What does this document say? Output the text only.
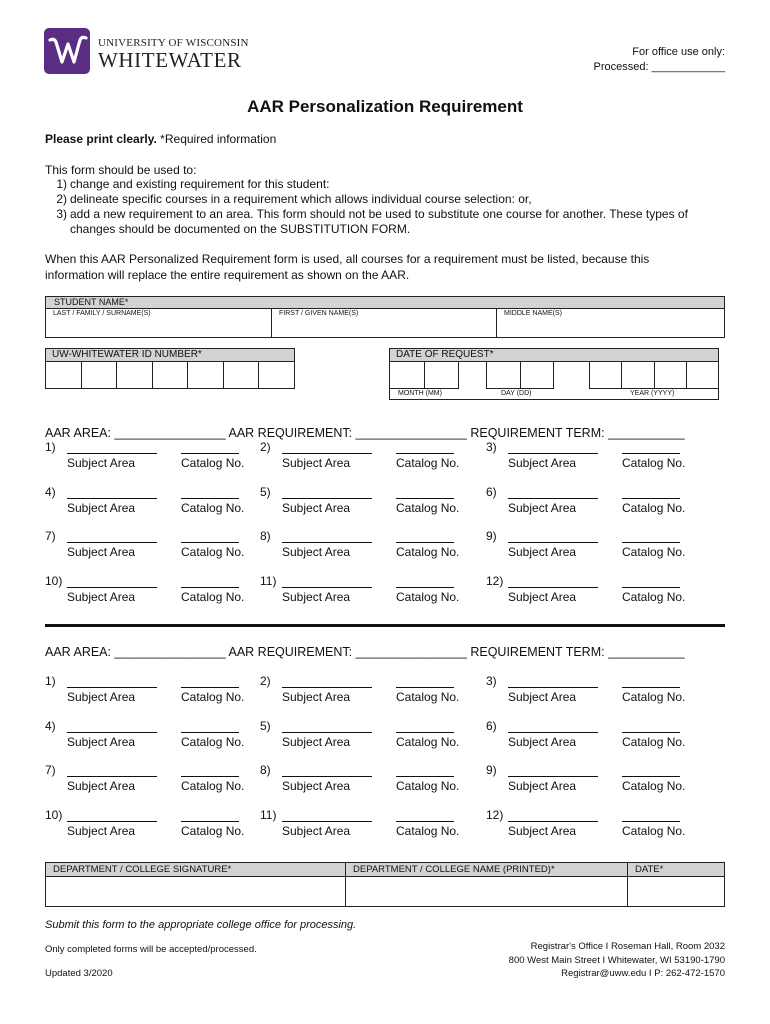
UNIVERSITY OF WISCONSIN
WHITEWATER	For office use only:
Processed: ____________
AAR Personalization Requirement
Please print clearly. *Required information
This form should be used to:
1) change and existing requirement for this student:
2) delineate specific courses in a requirement which allows individual course selection: or,
3) add a new requirement to an area. This form should not be used to substitute one course for another. These types of changes should be documented on the SUBSTITUTION FORM.
When this AAR Personalized Requirement form is used, all courses for a requirement must be listed, because this information will replace the entire requirement as shown on the AAR.
STUDENT NAME*
LAST / FAMILY / SURNAME(S)	FIRST / GIVEN NAME(S)	MIDDLE NAME(S)
UW-WHITEWATER ID NUMBER*	DATE OF REQUEST*
MONTH (MM)	DAY (DD)	YEAR (YYYY)
AAR AREA: ________________ AAR REQUIREMENT: ________________ REQUIREMENT TERM: ___________
1)
Subject Area	Catalog No.
2)
Subject Area	Catalog No.
3)
Subject Area	Catalog No.
4)
Subject Area	Catalog No.
5)
Subject Area	Catalog No.
6)
Subject Area	Catalog No.
7)
Subject Area	Catalog No.
8)
Subject Area	Catalog No.
9)
Subject Area	Catalog No.
10)
Subject Area	Catalog No.
11)
Subject Area	Catalog No.
12)
Subject Area	Catalog No.
AAR AREA: ________________ AAR REQUIREMENT: ________________ REQUIREMENT TERM: ___________
1)
Subject Area	Catalog No.
2)
Subject Area	Catalog No.
3)
Subject Area	Catalog No.
4)
Subject Area	Catalog No.
5)
Subject Area	Catalog No.
6)
Subject Area	Catalog No.
7)
Subject Area	Catalog No.
8)
Subject Area	Catalog No.
9)
Subject Area	Catalog No.
10)
Subject Area	Catalog No.
11)
Subject Area	Catalog No.
12)
Subject Area	Catalog No.
DEPARTMENT / COLLEGE SIGNATURE*	DEPARTMENT / COLLEGE NAME (PRINTED)*	DATE*
Submit this form to the appropriate college office for processing.
Only completed forms will be accepted/processed.
Updated 3/2020
Registrar's Office I Roseman Hall, Room 2032
800 West Main Street I Whitewater, WI 53190-1790
Registrar@uww.edu I P: 262-472-1570
